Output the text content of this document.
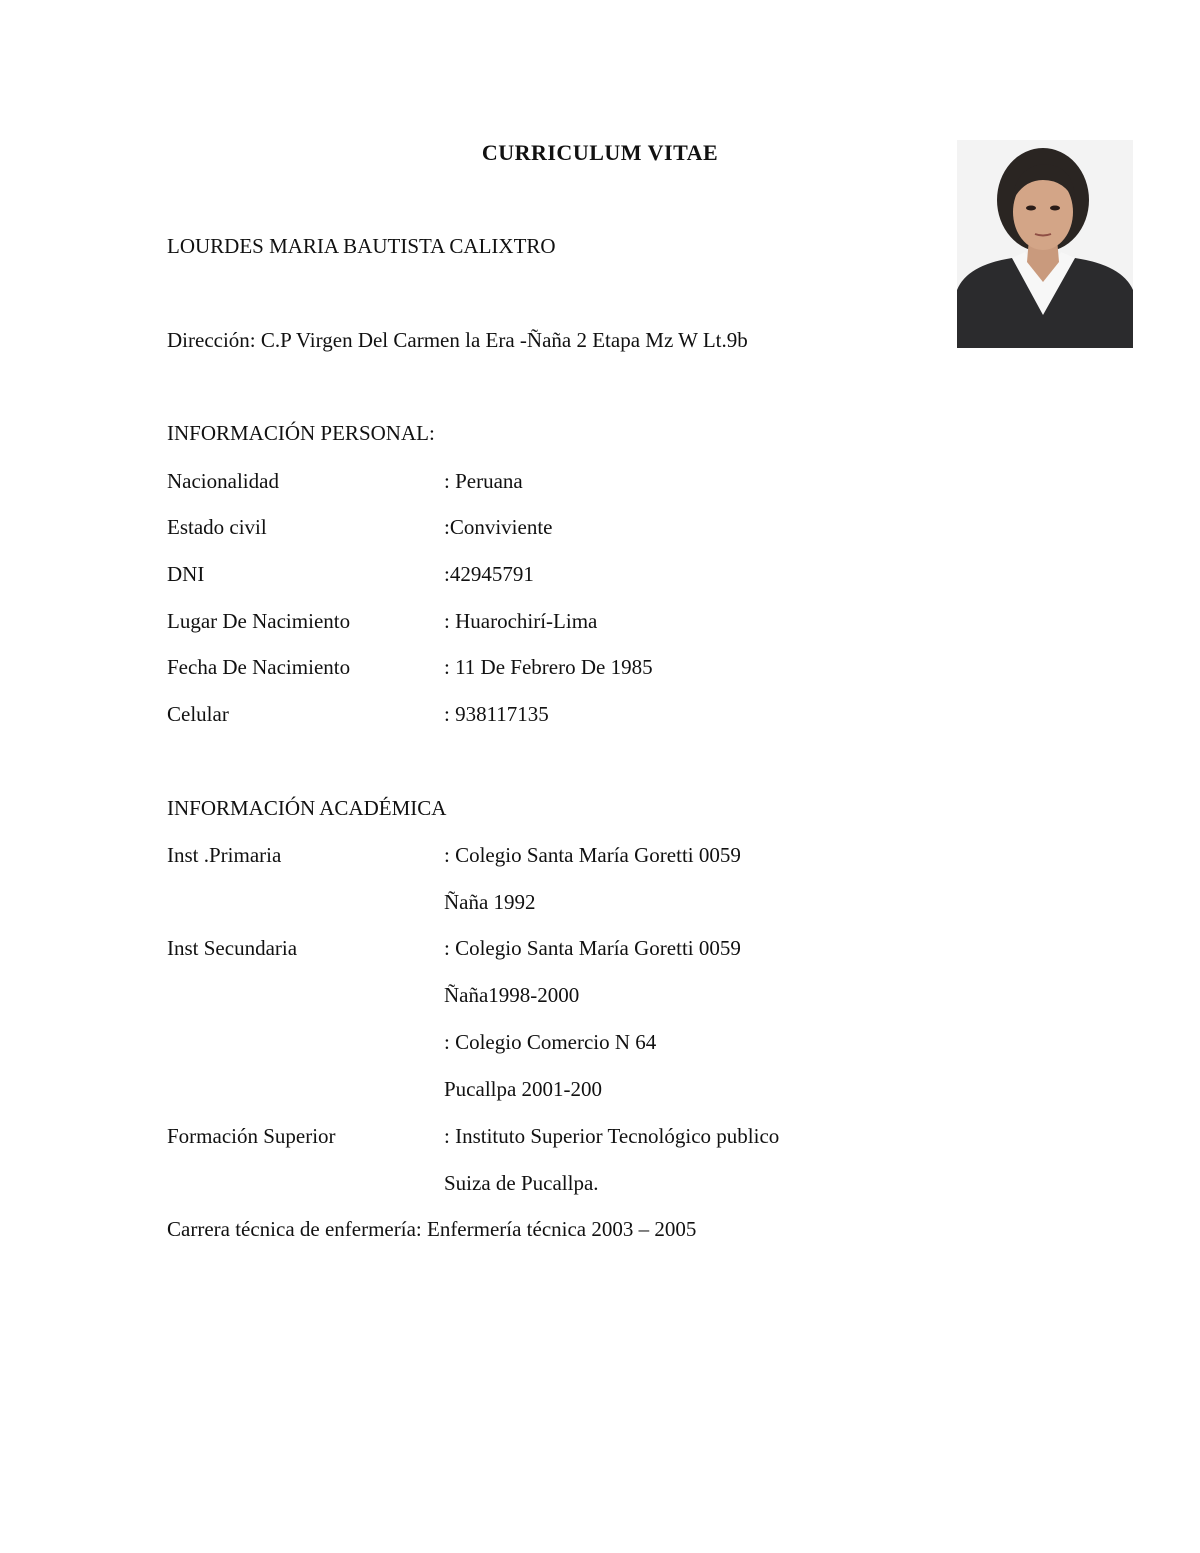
CURRICULUM VITAE
LOURDES MARIA BAUTISTA CALIXTRO
Dirección: C.P Virgen Del Carmen la Era -Ñaña 2 Etapa Mz W Lt.9b
INFORMACIÓN PERSONAL:
Nacionalidad	: Peruana
Estado civil	:Conviviente
DNI	:42945791
Lugar De Nacimiento	: Huarochirí-Lima
Fecha De Nacimiento	: 11 De Febrero De 1985
Celular	: 938117135
INFORMACIÓN ACADÉMICA
Inst .Primaria	: Colegio Santa María Goretti 0059
Ñaña 1992
Inst Secundaria	: Colegio Santa María Goretti 0059
Ñaña1998-2000
: Colegio Comercio N 64
Pucallpa 2001-200
Formación Superior	: Instituto Superior Tecnológico publico
Suiza de Pucallpa.
Carrera técnica de enfermería: Enfermería técnica 2003 – 2005
